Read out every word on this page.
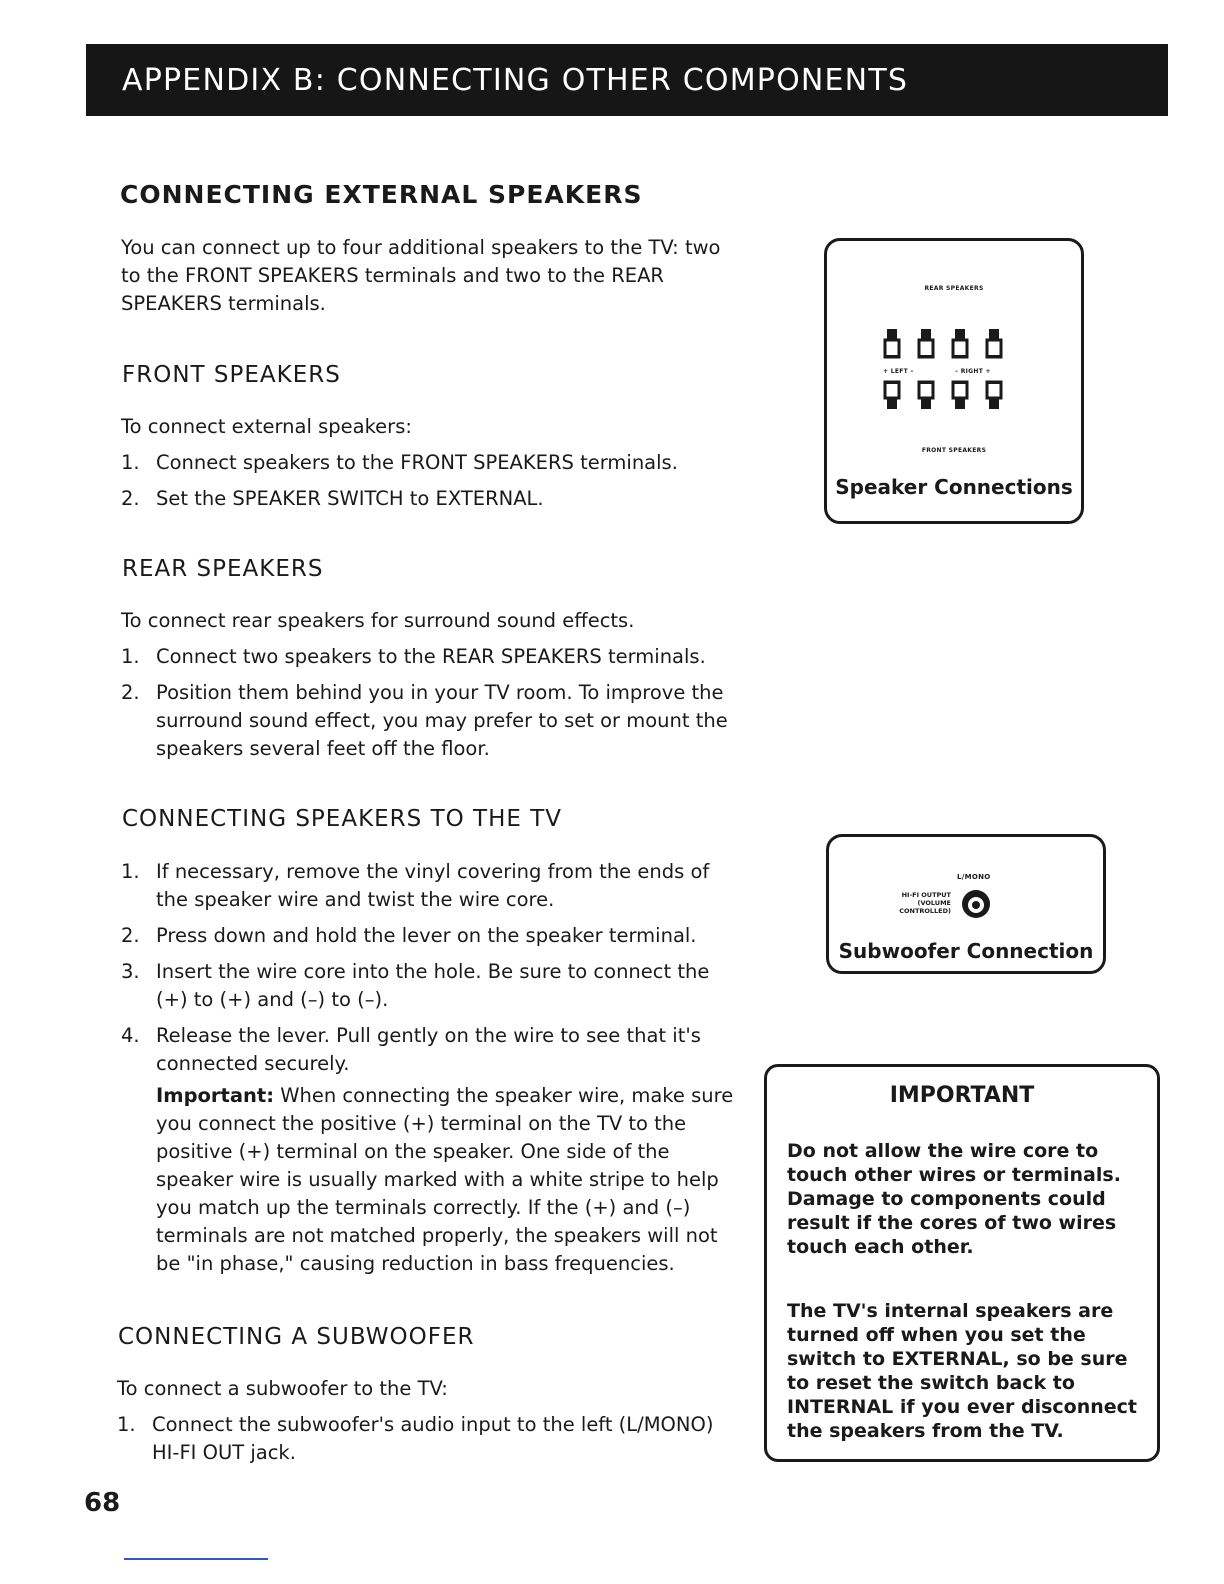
APPENDIX B: CONNECTING OTHER COMPONENTS
CONNECTING EXTERNAL SPEAKERS

You can connect up to four additional speakers to the TV: two to the FRONT SPEAKERS terminals and two to the REAR SPEAKERS terminals.

FRONT SPEAKERS

To connect external speakers:

1. Connect speakers to the FRONT SPEAKERS terminals.
2. Set the SPEAKER SWITCH to EXTERNAL.
REAR SPEAKERS

To connect rear speakers for surround sound effects.

1. Connect two speakers to the REAR SPEAKERS terminals.
2. Position them behind you in your TV room. To improve the surround sound effect, you may prefer to set or mount the speakers several feet off the floor.
CONNECTING SPEAKERS TO THE TV
1. If necessary, remove the vinyl covering from the ends of the speaker wire and twist the wire core.
2. Press down and hold the lever on the speaker terminal.
3. Insert the wire core into the hole. Be sure to connect the (+) to (+) and (–) to (–).
4. Release the lever. Pull gently on the wire to see that it's connected securely.
Important: When connecting the speaker wire, make sure you connect the positive (+) terminal on the TV to the positive (+) terminal on the speaker. One side of the speaker wire is usually marked with a white stripe to help you match up the terminals correctly. If the (+) and (–) terminals are not matched properly, the speakers will not be "in phase," causing reduction in bass frequencies.
CONNECTING A SUBWOOFER

To connect a subwoofer to the TV:

1. Connect the subwoofer's audio input to the left (L/MONO) HI-FI OUT jack.
REAR SPEAKERS
+ LEFT –	– RIGHT +
FRONT SPEAKERS
Speaker Connections
L/MONO
HI-FI OUTPUT
(VOLUME CONTROLLED)
Subwoofer Connection
IMPORTANT

Do not allow the wire core to touch other wires or terminals. Damage to components could result if the cores of two wires touch each other.

The TV's internal speakers are turned off when you set the switch to EXTERNAL, so be sure to reset the switch back to INTERNAL if you ever disconnect the speakers from the TV.

68
